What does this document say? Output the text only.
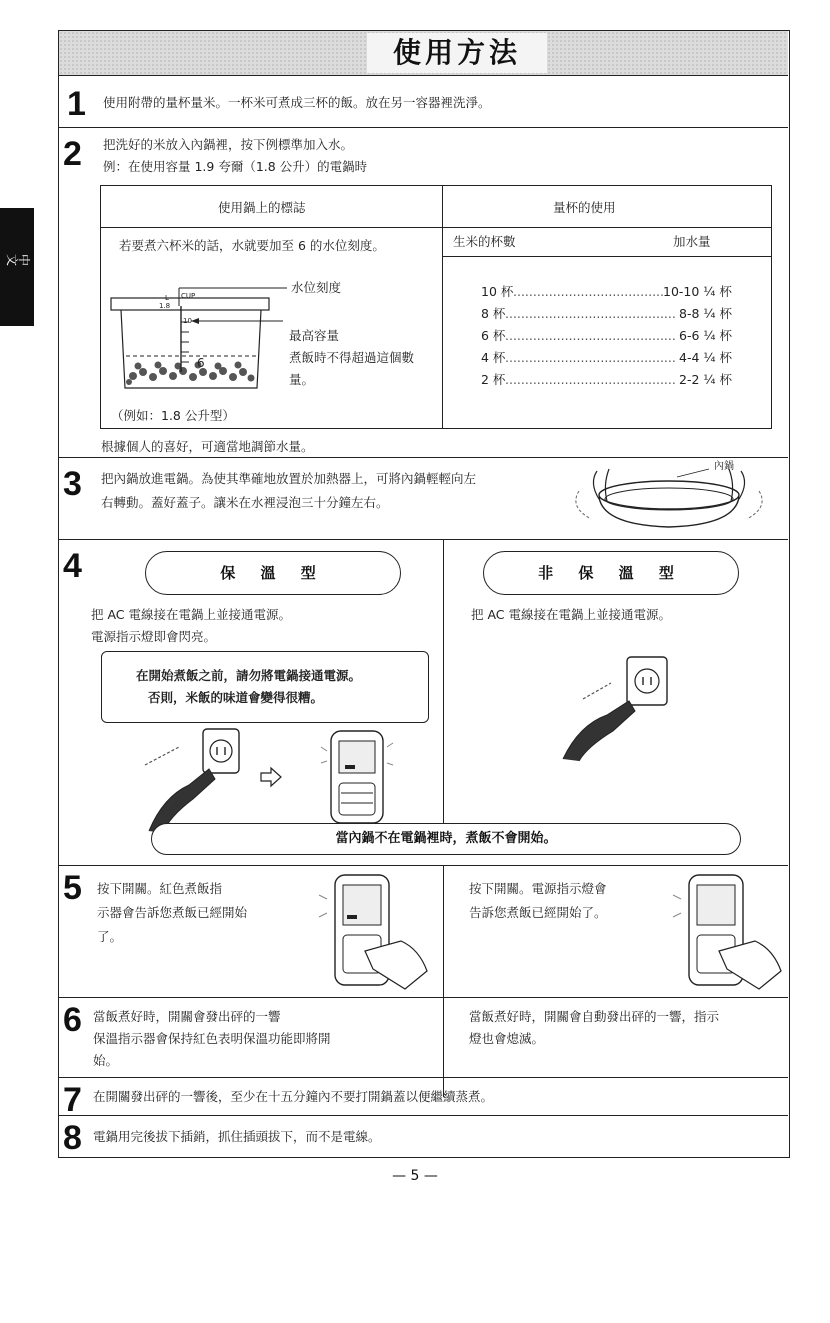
中文
使用方法
1 使用附帶的量杯量米。一杯米可煮成三杯的飯。放在另一容器裡洗淨。
2 把洗好的米放入內鍋裡，按下例標準加入水。
例：在使用容量 1.9 夸爾（1.8 公升）的電鍋時
使用鍋上的標誌	量杯的使用
若要煮六杯米的話，水就要加至 6 的水位刻度。
L CUP
1.8
10
6
水位刻度
最高容量
煮飯時不得超過這個數
量。
（例如：1.8 公升型）
生米的杯數	加水量
10 杯 ...................................... 10-10 ¼ 杯
8 杯 ........................................... 8-8 ¼ 杯
6 杯 ........................................... 6-6 ¼ 杯
4 杯 ........................................... 4-4 ¼ 杯
2 杯 ........................................... 2-2 ¼ 杯
根據個人的喜好，可適當地調節水量。
3 把內鍋放進電鍋。為使其準確地放置於加熱器上，可將內鍋輕輕向左
右轉動。蓋好蓋子。讓米在水裡浸泡三十分鐘左右。
內鍋
4	保 溫 型	非 保 溫 型
把 AC 電線接在電鍋上並接通電源。
電源指示燈即會閃亮。
把 AC 電線接在電鍋上並接通電源。
在開始煮飯之前，請勿將電鍋接通電源。
否則，米飯的味道會變得很糟。
當內鍋不在電鍋裡時，煮飯不會開始。
5 按下開關。紅色煮飯指
示器會告訴您煮飯已經開始
了。
按下開關。電源指示燈會
告訴您煮飯已經開始了。
6 當飯煮好時，開關會發出砰的一響
保溫指示器會保持紅色表明保溫功能即將開
始。
當飯煮好時，開關會自動發出砰的一響，指示
燈也會熄滅。
7 在開關發出砰的一響後，至少在十五分鐘內不要打開鍋蓋以便繼續蒸煮。
8 電鍋用完後拔下插銷，抓住插頭拔下，而不是電線。
— 5 —
